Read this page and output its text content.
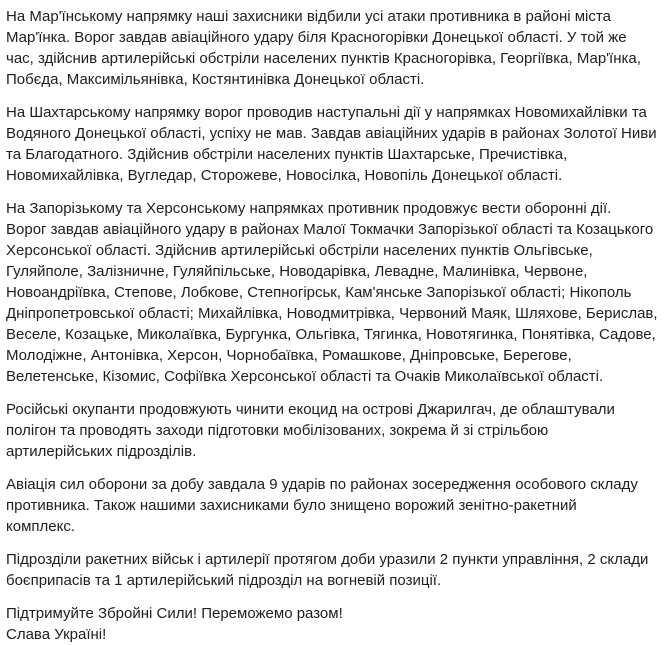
На Мар'їнському напрямку наші захисники відбили усі атаки противника в районі міста
Мар'їнка. Ворог завдав авіаційного удару біля Красногорівки Донецької області. У той же
час, здійснив артилерійські обстріли населених пунктів Красногорівка, Георгіївка, Мар'їнка,
Побєда, Максимільянівка, Костянтинівка Донецької області.

На Шахтарському напрямку ворог проводив наступальні дії у напрямках Новомихайлівки та
Водяного Донецької області, успіху не мав. Завдав авіаційних ударів в районах Золотої Ниви
та Благодатного. Здійснив обстріли населених пунктів Шахтарське, Пречистівка,
Новомихайлівка, Вугледар, Сторожеве, Новосілка, Новопіль Донецької області.

На Запорізькому та Херсонському напрямках противник продовжує вести оборонні дії.
Ворог завдав авіаційного удару в районах Малої Токмачки Запорізької області та Козацького
Херсонської області. Здійснив артилерійські обстріли населених пунктів Ольгівське,
Гуляйполе, Залізничне, Гуляйпільське, Новодарівка, Левадне, Малинівка, Червоне,
Новоандріївка, Степове, Лобкове, Степногірськ, Кам'янське Запорізької області; Нікополь
Дніпропетровської області; Михайлівка, Новодмитрівка, Червоний Маяк, Шляхове, Берислав,
Веселе, Козацьке, Миколаївка, Бургунка, Ольгівка, Тягинка, Новотягинка, Понятівка, Садове,
Молодіжне, Антонівка, Херсон, Чорнобаївка, Ромашкове, Дніпровське, Берегове,
Велетенське, Кізомис, Софіївка Херсонської області та Очаків Миколаївської області.

Російські окупанти продовжують чинити екоцид на острові Джарилгач, де облаштували
полігон та проводять заходи підготовки мобілізованих, зокрема й зі стрільбою
артилерійських підрозділів.

Авіація сил оборони за добу завдала 9 ударів по районах зосередження особового складу
противника. Також нашими захисниками було знищено ворожий зенітно-ракетний
комплекс.

Підрозділи ракетних військ і артилерії протягом доби уразили 2 пункти управління, 2 склади
боєприпасів та 1 артилерійський підрозділ на вогневій позиції.

Підтримуйте Збройні Сили! Переможемо разом!
Слава Україні!
